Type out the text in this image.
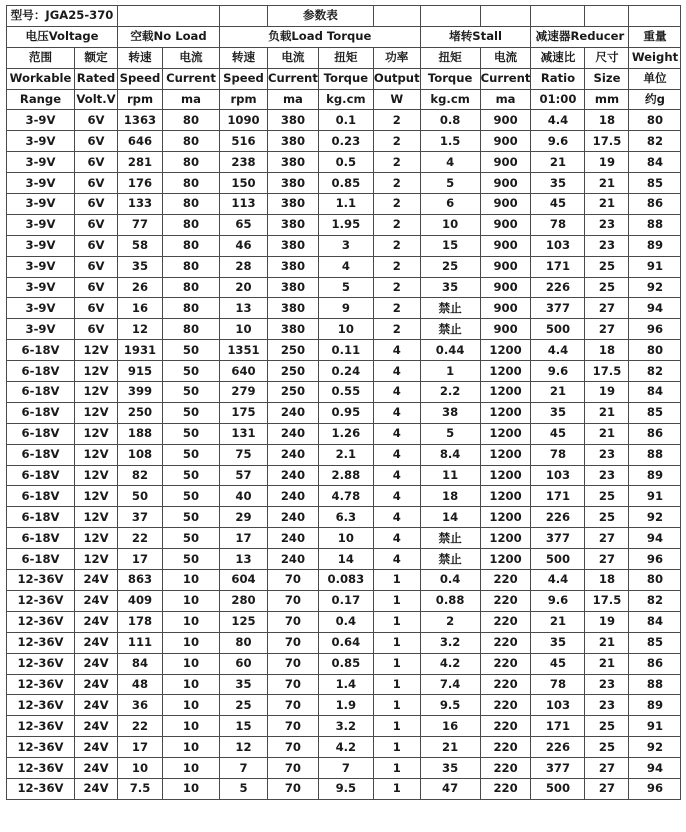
型号：JGA25-370					参数表							
电压Voltage		空载No Load		负载Load Torque				堵转Stall		减速器Reducer		重量
范围	额定	转速	电流	转速	电流	扭矩	功率	扭矩	电流	减速比	尺寸	Weight
Workable	Rated	Speed	Current	Speed	Current	Torque	Output	Torque	Current	Ratio	Size	单位
Range	Volt.V	rpm	ma	rpm	ma	kg.cm	W	kg.cm	ma	01:00	mm	约g
3-9V	6V	1363	80	1090	380	0.1	2	0.8	900	4.4	18	80
3-9V	6V	646	80	516	380	0.23	2	1.5	900	9.6	17.5	82
3-9V	6V	281	80	238	380	0.5	2	4	900	21	19	84
3-9V	6V	176	80	150	380	0.85	2	5	900	35	21	85
3-9V	6V	133	80	113	380	1.1	2	6	900	45	21	86
3-9V	6V	77	80	65	380	1.95	2	10	900	78	23	88
3-9V	6V	58	80	46	380	3	2	15	900	103	23	89
3-9V	6V	35	80	28	380	4	2	25	900	171	25	91
3-9V	6V	26	80	20	380	5	2	35	900	226	25	92
3-9V	6V	16	80	13	380	9	2	禁止	900	377	27	94
3-9V	6V	12	80	10	380	10	2	禁止	900	500	27	96
6-18V	12V	1931	50	1351	250	0.11	4	0.44	1200	4.4	18	80
6-18V	12V	915	50	640	250	0.24	4	1	1200	9.6	17.5	82
6-18V	12V	399	50	279	250	0.55	4	2.2	1200	21	19	84
6-18V	12V	250	50	175	240	0.95	4	38	1200	35	21	85
6-18V	12V	188	50	131	240	1.26	4	5	1200	45	21	86
6-18V	12V	108	50	75	240	2.1	4	8.4	1200	78	23	88
6-18V	12V	82	50	57	240	2.88	4	11	1200	103	23	89
6-18V	12V	50	50	40	240	4.78	4	18	1200	171	25	91
6-18V	12V	37	50	29	240	6.3	4	14	1200	226	25	92
6-18V	12V	22	50	17	240	10	4	禁止	1200	377	27	94
6-18V	12V	17	50	13	240	14	4	禁止	1200	500	27	96
12-36V	24V	863	10	604	70	0.083	1	0.4	220	4.4	18	80
12-36V	24V	409	10	280	70	0.17	1	0.88	220	9.6	17.5	82
12-36V	24V	178	10	125	70	0.4	1	2	220	21	19	84
12-36V	24V	111	10	80	70	0.64	1	3.2	220	35	21	85
12-36V	24V	84	10	60	70	0.85	1	4.2	220	45	21	86
12-36V	24V	48	10	35	70	1.4	1	7.4	220	78	23	88
12-36V	24V	36	10	25	70	1.9	1	9.5	220	103	23	89
12-36V	24V	22	10	15	70	3.2	1	16	220	171	25	91
12-36V	24V	17	10	12	70	4.2	1	21	220	226	25	92
12-36V	24V	10	10	7	70	7	1	35	220	377	27	94
12-36V	24V	7.5	10	5	70	9.5	1	47	220	500	27	96
